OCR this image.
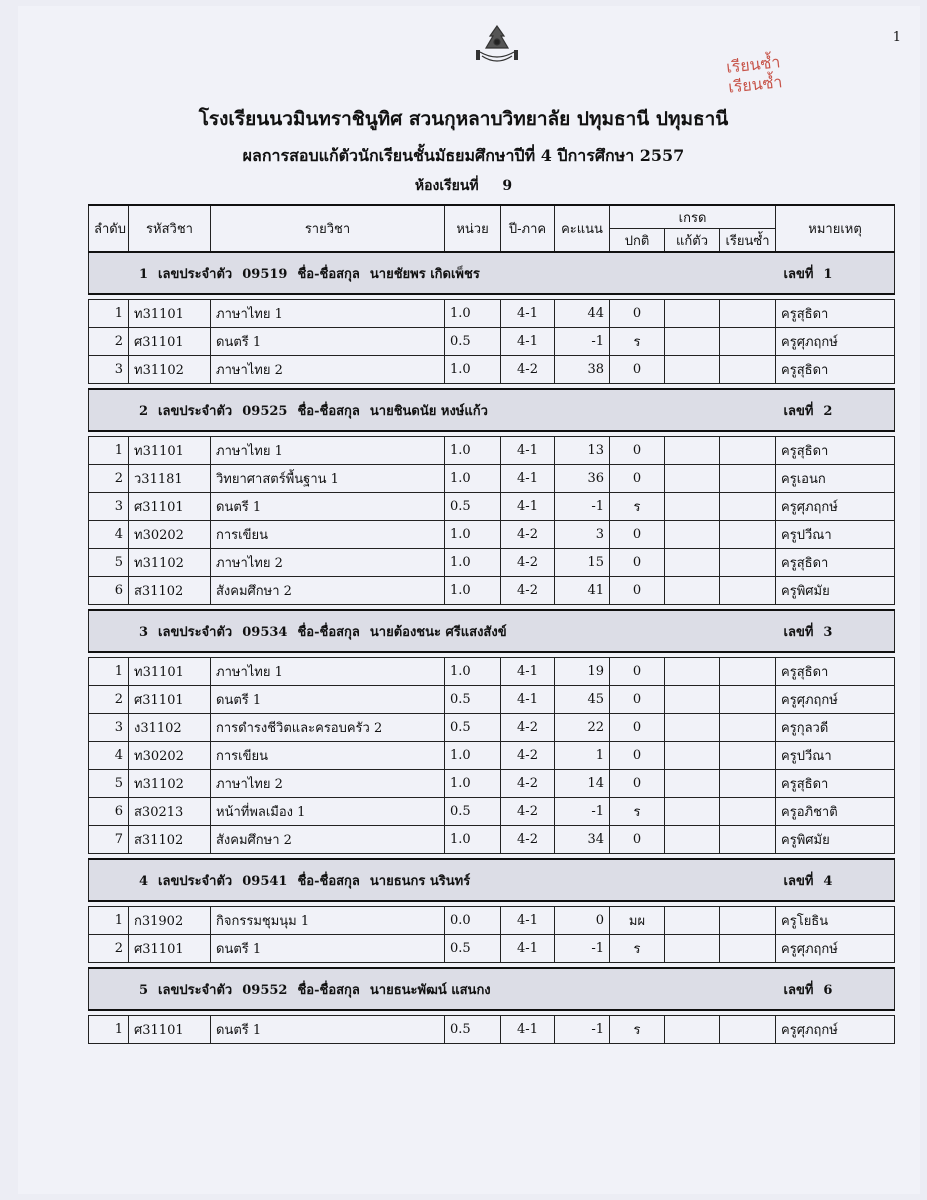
1
เรียนซ้ำ
เรียนซ้ำ
โรงเรียนนวมินทราชินูทิศ สวนกุหลาบวิทยาลัย ปทุมธานี ปทุมธานี
ผลการสอบแก้ตัวนักเรียนชั้นมัธยมศึกษาปีที่ 4 ปีการศึกษา 2557
ห้องเรียนที่ 9
ลำดับ	รหัสวิชา	รายวิชา	หน่วย	ปี-ภาค	คะแนน	เกรด			หมายเหตุ
						ปกติ	แก้ตัว	เรียนซ้ำ	
1 เลขประจำตัว 09519 ชื่อ-ชื่อสกุล นายชัยพร เกิดเพ็ชร									เลขที่ 1

1	ท31101	ภาษาไทย 1	1.0	4-1	44	0			ครูสุธิดา
2	ศ31101	ดนตรี 1	0.5	4-1	-1	ร			ครูศุภฤกษ์
3	ท31102	ภาษาไทย 2	1.0	4-2	38	0			ครูสุธิดา

2 เลขประจำตัว 09525 ชื่อ-ชื่อสกุล นายชินดนัย หงษ์แก้ว									เลขที่ 2

1	ท31101	ภาษาไทย 1	1.0	4-1	13	0			ครูสุธิดา
2	ว31181	วิทยาศาสตร์พื้นฐาน 1	1.0	4-1	36	0			ครูเอนก
3	ศ31101	ดนตรี 1	0.5	4-1	-1	ร			ครูศุภฤกษ์
4	ท30202	การเขียน	1.0	4-2	3	0			ครูปวีณา
5	ท31102	ภาษาไทย 2	1.0	4-2	15	0			ครูสุธิดา
6	ส31102	สังคมศึกษา 2	1.0	4-2	41	0			ครูพิศมัย

3 เลขประจำตัว 09534 ชื่อ-ชื่อสกุล นายต้องชนะ ศรีแสงสังข์									เลขที่ 3

1	ท31101	ภาษาไทย 1	1.0	4-1	19	0			ครูสุธิดา
2	ศ31101	ดนตรี 1	0.5	4-1	45	0			ครูศุภฤกษ์
3	ง31102	การดำรงชีวิตและครอบครัว 2	0.5	4-2	22	0			ครูกุลวดี
4	ท30202	การเขียน	1.0	4-2	1	0			ครูปวีณา
5	ท31102	ภาษาไทย 2	1.0	4-2	14	0			ครูสุธิดา
6	ส30213	หน้าที่พลเมือง 1	0.5	4-2	-1	ร			ครูอภิชาติ
7	ส31102	สังคมศึกษา 2	1.0	4-2	34	0			ครูพิศมัย

4 เลขประจำตัว 09541 ชื่อ-ชื่อสกุล นายธนกร นรินทร์									เลขที่ 4

1	ก31902	กิจกรรมชุมนุม 1	0.0	4-1	0	มผ			ครูโยธิน
2	ศ31101	ดนตรี 1	0.5	4-1	-1	ร			ครูศุภฤกษ์

5 เลขประจำตัว 09552 ชื่อ-ชื่อสกุล นายธนะพัฒน์ แสนกง									เลขที่ 6

1	ศ31101	ดนตรี 1	0.5	4-1	-1	ร			ครูศุภฤกษ์
